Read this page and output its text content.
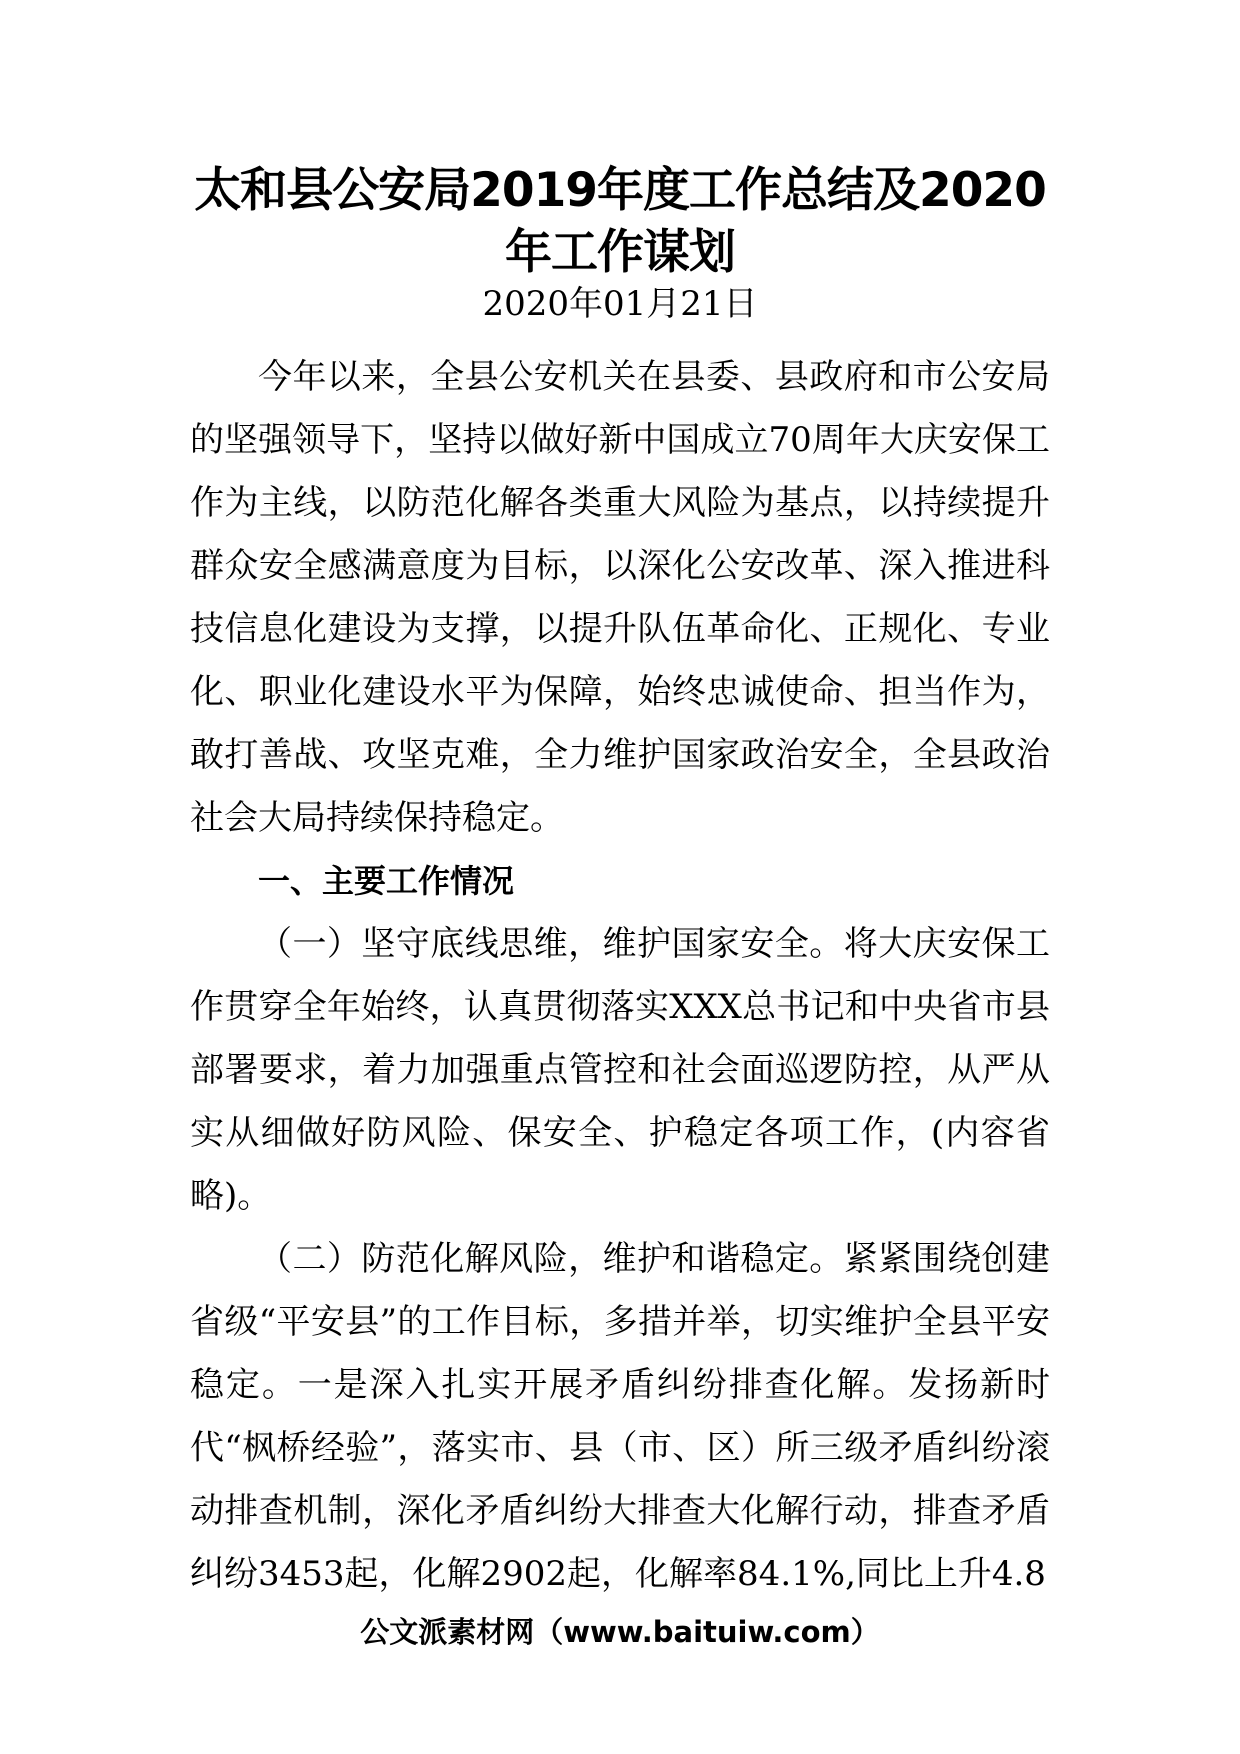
太和县公安局2019年度工作总结及2020年工作谋划
2020年01月21日

今年以来，全县公安机关在县委、县政府和市公安局的坚强领导下，坚持以做好新中国成立70周年大庆安保工作为主线，以防范化解各类重大风险为基点，以持续提升群众安全感满意度为目标，以深化公安改革、深入推进科技信息化建设为支撑，以提升队伍革命化、正规化、专业化、职业化建设水平为保障，始终忠诚使命、担当作为，敢打善战、攻坚克难，全力维护国家政治安全，全县政治社会大局持续保持稳定。

一、主要工作情况

（一）坚守底线思维，维护国家安全。将大庆安保工作贯穿全年始终，认真贯彻落实XXX总书记和中央省市县部署要求，着力加强重点管控和社会面巡逻防控，从严从实从细做好防风险、保安全、护稳定各项工作，(内容省略)。

（二）防范化解风险，维护和谐稳定。紧紧围绕创建省级“平安县”的工作目标，多措并举，切实维护全县平安稳定。一是深入扎实开展矛盾纠纷排查化解。发扬新时代“枫桥经验”，落实市、县（市、区）所三级矛盾纠纷滚动排查机制，深化矛盾纠纷大排查大化解行动，排查矛盾纠纷3453起，化解2902起，化解率84.1%,同比上升4.8

公文派素材网（www.baituiw.com）
